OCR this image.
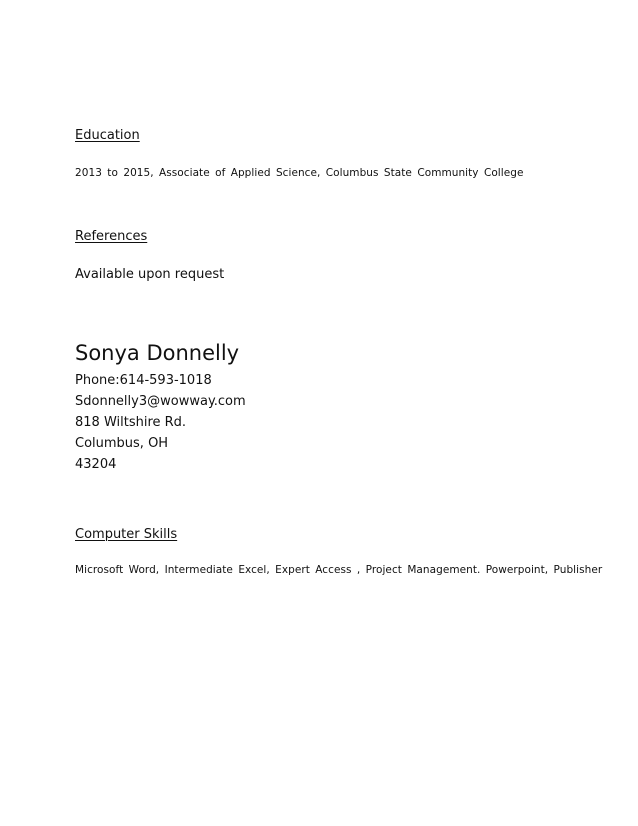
Education
2013 to 2015, Associate of Applied Science, Columbus State Community College
References
Available upon request
Sonya Donnelly
Phone:614-593-1018
Sdonnelly3@wowway.com
818 Wiltshire Rd.
Columbus, OH
43204
Computer Skills
Microsoft Word, Intermediate Excel, Expert Access , Project Management. Powerpoint, Publisher
